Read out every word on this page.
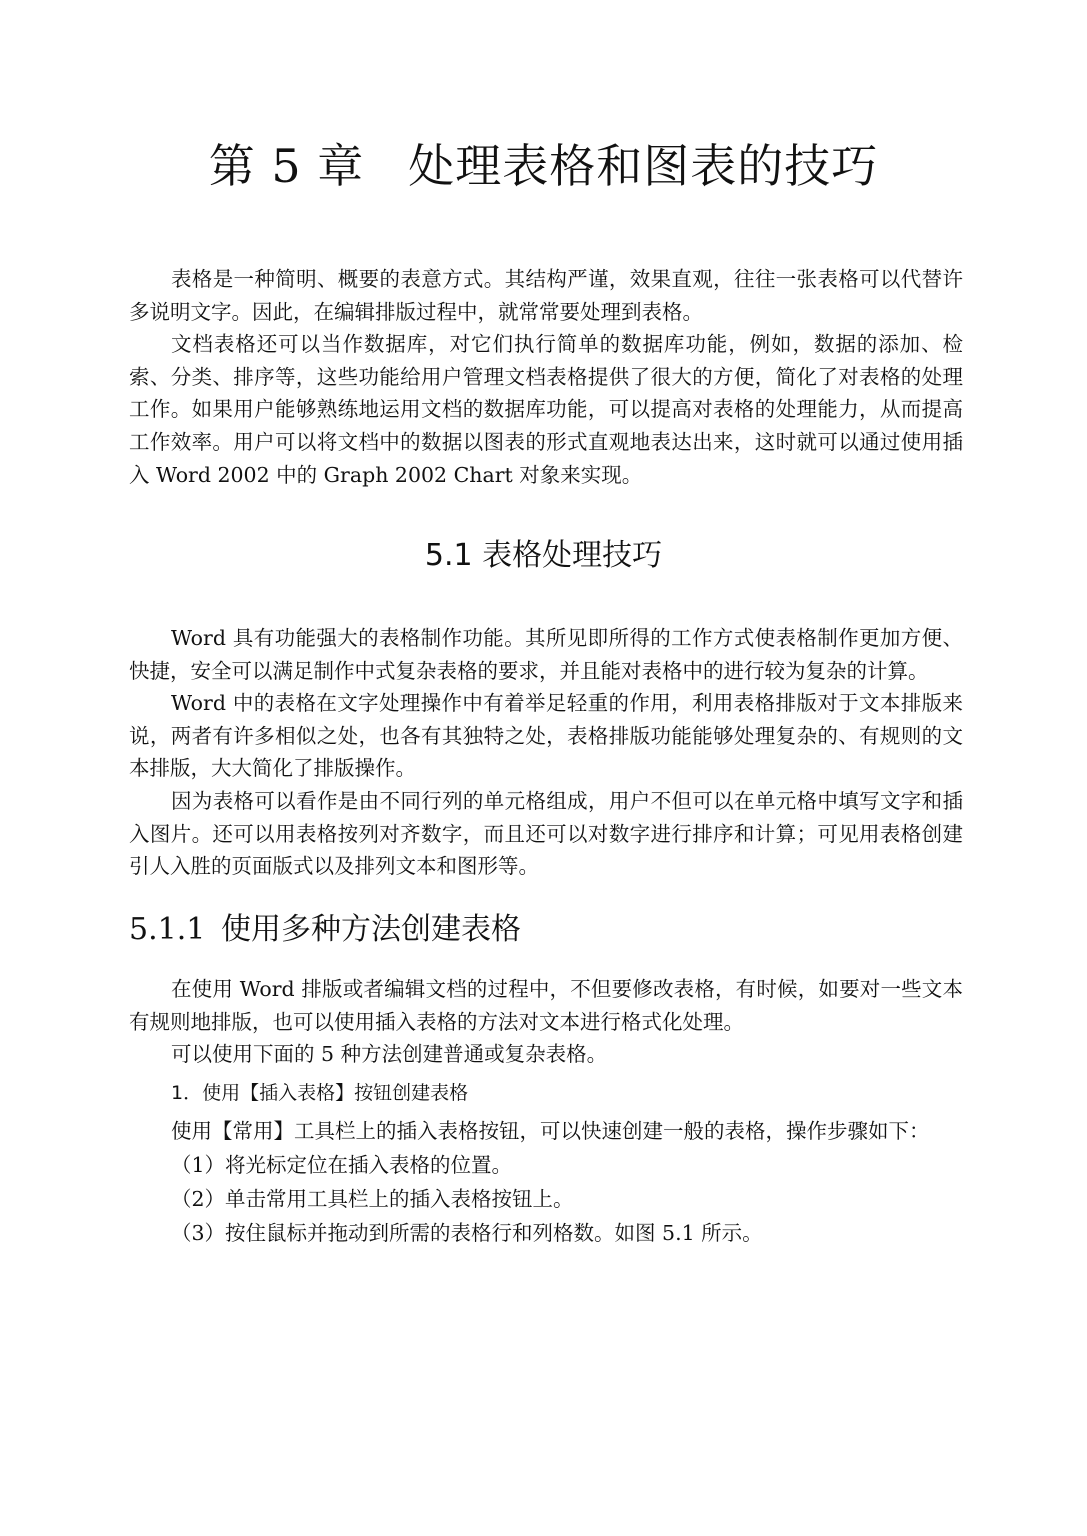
第 5 章 处理表格和图表的技巧

表格是一种简明、概要的表意方式。其结构严谨，效果直观，往往一张表格可以代替许多说明文字。因此，在编辑排版过程中，就常常要处理到表格。

文档表格还可以当作数据库，对它们执行简单的数据库功能，例如，数据的添加、检索、分类、排序等，这些功能给用户管理文档表格提供了很大的方便，简化了对表格的处理工作。如果用户能够熟练地运用文档的数据库功能，可以提高对表格的处理能力，从而提高工作效率。用户可以将文档中的数据以图表的形式直观地表达出来，这时就可以通过使用插入 Word 2002 中的 Graph 2002 Chart 对象来实现。

5.1 表格处理技巧

Word 具有功能强大的表格制作功能。其所见即所得的工作方式使表格制作更加方便、快捷，安全可以满足制作中式复杂表格的要求，并且能对表格中的进行较为复杂的计算。

Word 中的表格在文字处理操作中有着举足轻重的作用，利用表格排版对于文本排版来说，两者有许多相似之处，也各有其独特之处，表格排版功能能够处理复杂的、有规则的文本排版，大大简化了排版操作。

因为表格可以看作是由不同行列的单元格组成，用户不但可以在单元格中填写文字和插入图片。还可以用表格按列对齐数字，而且还可以对数字进行排序和计算；可见用表格创建引人入胜的页面版式以及排列文本和图形等。

5.1.1 使用多种方法创建表格

在使用 Word 排版或者编辑文档的过程中，不但要修改表格，有时候，如要对一些文本有规则地排版，也可以使用插入表格的方法对文本进行格式化处理。

可以使用下面的 5 种方法创建普通或复杂表格。

1．使用【插入表格】按钮创建表格
使用【常用】工具栏上的插入表格按钮，可以快速创建一般的表格，操作步骤如下：
（1）将光标定位在插入表格的位置。
（2）单击常用工具栏上的插入表格按钮上。
（3）按住鼠标并拖动到所需的表格行和列格数。如图 5.1 所示。
